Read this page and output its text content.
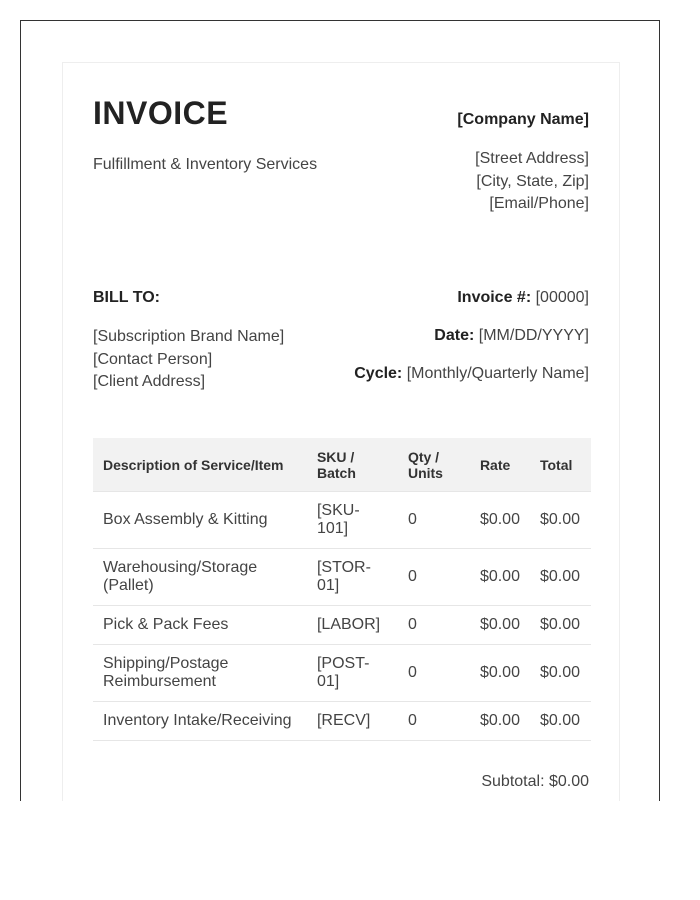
INVOICE
Fulfillment & Inventory Services
[Company Name]
[Street Address]
[City, State, Zip]
[Email/Phone]
BILL TO:
[Subscription Brand Name]
[Contact Person]
[Client Address]
Invoice #: [00000]
Date: [MM/DD/YYYY]
Cycle: [Monthly/Quarterly Name]
Description of Service/Item	SKU / Batch	Qty / Units	Rate	Total
Box Assembly & Kitting	[SKU-101]	0	$0.00	$0.00
Warehousing/Storage (Pallet)	[STOR-01]	0	$0.00	$0.00
Pick & Pack Fees	[LABOR]	0	$0.00	$0.00
Shipping/Postage Reimbursement	[POST-01]	0	$0.00	$0.00
Inventory Intake/Receiving	[RECV]	0	$0.00	$0.00
Subtotal: $0.00
